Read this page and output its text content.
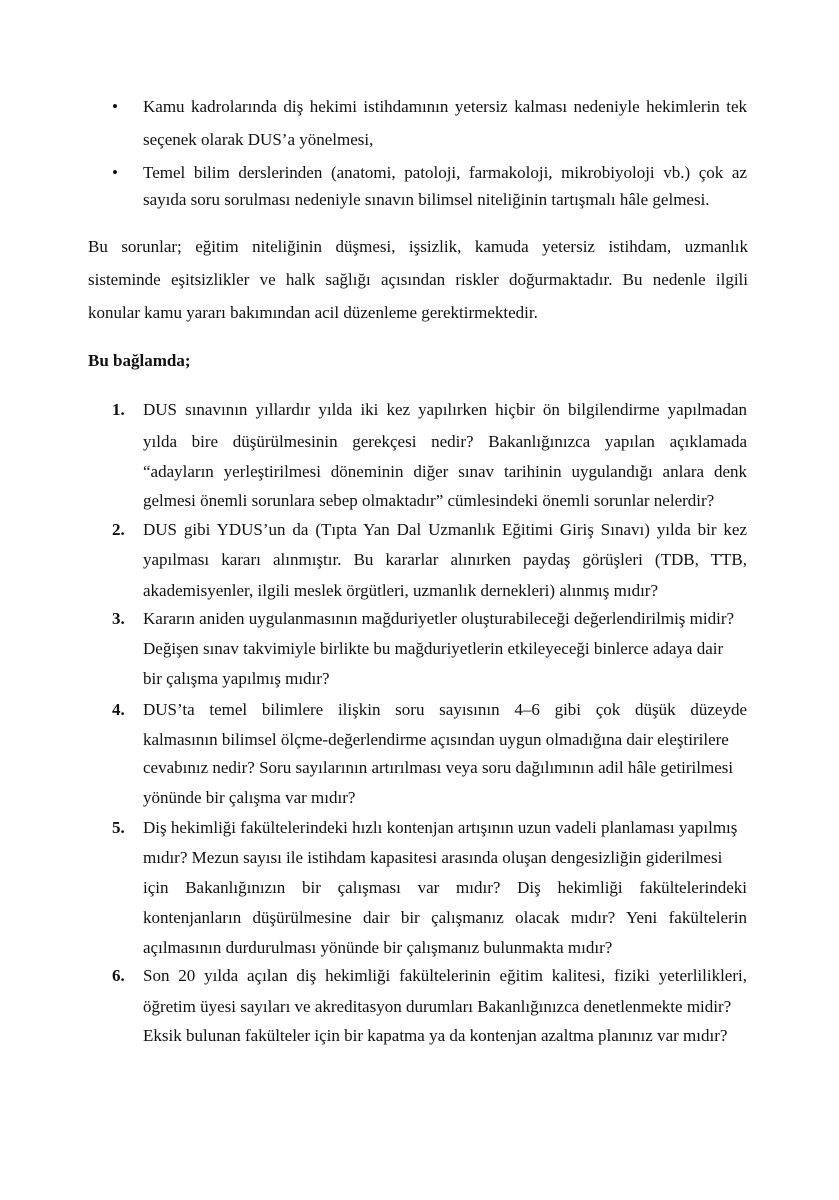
•	Kamu kadrolarında diş hekimi istihdamının yetersiz kalması nedeniyle hekimlerin tek
seçenek olarak DUS’a yönelmesi,
•	Temel bilim derslerinden (anatomi, patoloji, farmakoloji, mikrobiyoloji vb.) çok az
sayıda soru sorulması nedeniyle sınavın bilimsel niteliğinin tartışmalı hâle gelmesi.
Bu sorunlar; eğitim niteliğinin düşmesi, işsizlik, kamuda yetersiz istihdam, uzmanlık
sisteminde eşitsizlikler ve halk sağlığı açısından riskler doğurmaktadır. Bu nedenle ilgili
konular kamu yararı bakımından acil düzenleme gerektirmektedir.
Bu bağlamda;
1.	DUS sınavının yıllardır yılda iki kez yapılırken hiçbir ön bilgilendirme yapılmadan
yılda bire düşürülmesinin gerekçesi nedir? Bakanlığınızca yapılan açıklamada
“adayların yerleştirilmesi döneminin diğer sınav tarihinin uygulandığı anlara denk
gelmesi önemli sorunlara sebep olmaktadır” cümlesindeki önemli sorunlar nelerdir?
2.	DUS gibi YDUS’un da (Tıpta Yan Dal Uzmanlık Eğitimi Giriş Sınavı) yılda bir kez
yapılması kararı alınmıştır. Bu kararlar alınırken paydaş görüşleri (TDB, TTB,
akademisyenler, ilgili meslek örgütleri, uzmanlık dernekleri) alınmış mıdır?
3.	Kararın aniden uygulanmasının mağduriyetler oluşturabileceği değerlendirilmiş midir?
Değişen sınav takvimiyle birlikte bu mağduriyetlerin etkileyeceği binlerce adaya dair
bir çalışma yapılmış mıdır?
4.	DUS’ta temel bilimlere ilişkin soru sayısının 4–6 gibi çok düşük düzeyde
kalmasının bilimsel ölçme-değerlendirme açısından uygun olmadığına dair eleştirilere
cevabınız nedir? Soru sayılarının artırılması veya soru dağılımının adil hâle getirilmesi
yönünde bir çalışma var mıdır?
5.	Diş hekimliği fakültelerindeki hızlı kontenjan artışının uzun vadeli planlaması yapılmış
mıdır? Mezun sayısı ile istihdam kapasitesi arasında oluşan dengesizliğin giderilmesi
için Bakanlığınızın bir çalışması var mıdır? Diş hekimliği fakültelerindeki
kontenjanların düşürülmesine dair bir çalışmanız olacak mıdır? Yeni fakültelerin
açılmasının durdurulması yönünde bir çalışmanız bulunmakta mıdır?
6.	Son 20 yılda açılan diş hekimliği fakültelerinin eğitim kalitesi, fiziki yeterlilikleri,
öğretim üyesi sayıları ve akreditasyon durumları Bakanlığınızca denetlenmekte midir?
Eksik bulunan fakülteler için bir kapatma ya da kontenjan azaltma planınız var mıdır?
